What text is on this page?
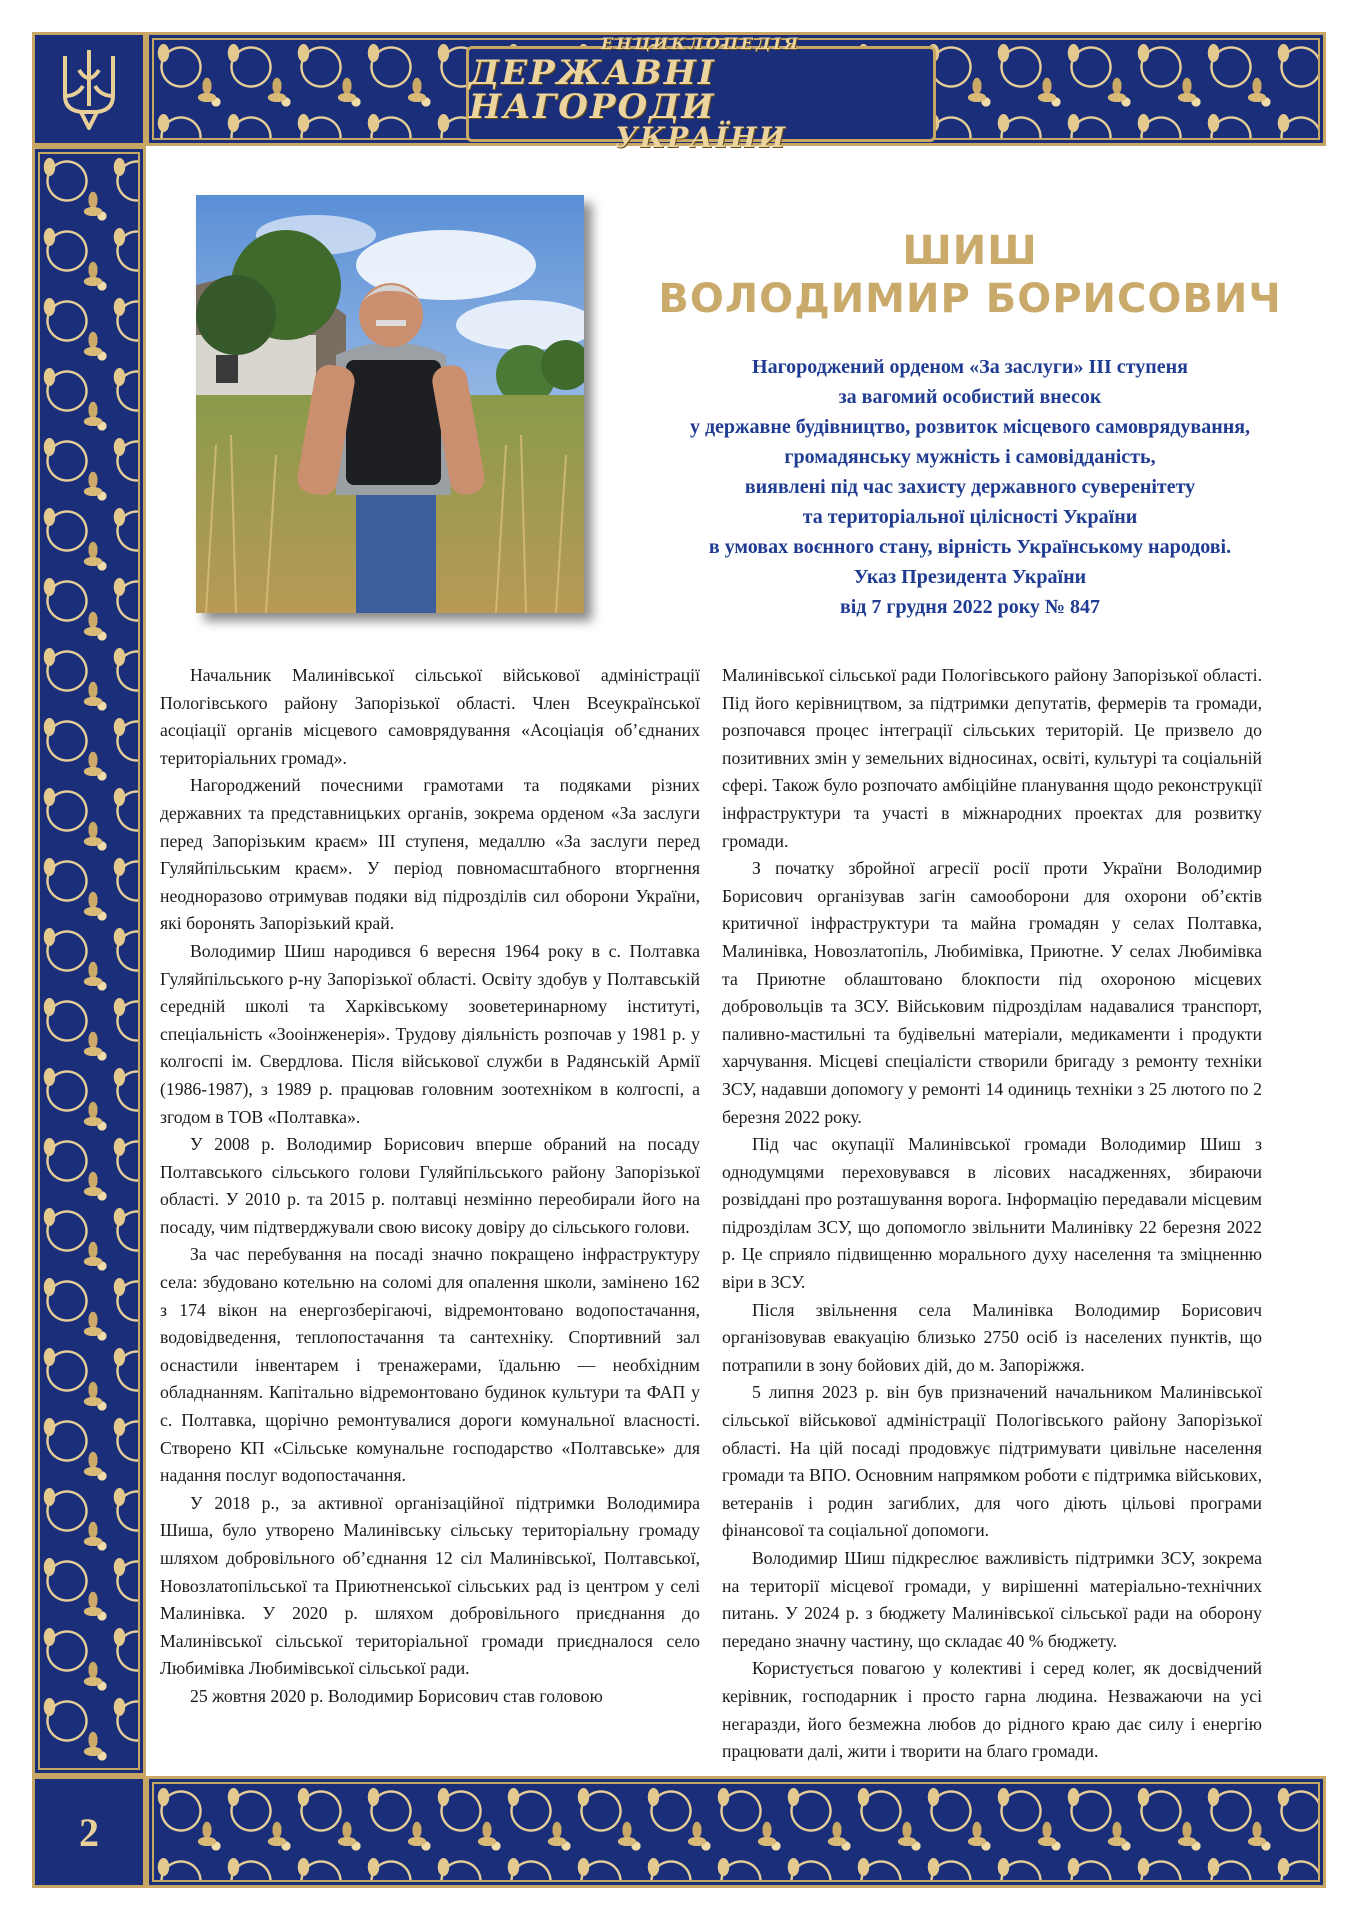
2
ЕНЦИКЛОПЕДІЯ
ДЕРЖАВНІ НАГОРОДИ
УКРАЇНИ
ШИШ
ВОЛОДИМИР БОРИСОВИЧ
Нагороджений орденом «За заслуги» III ступеня
за вагомий особистий внесок
у державне будівництво, розвиток місцевого самоврядування,
громадянську мужність і самовідданість,
виявлені під час захисту державного суверенітету
та територіальної цілісності України
в умовах воєнного стану, вірність Українському народові.
Указ Президента України
від 7 грудня 2022 року № 847

Начальник Малинівської сільської військової адміністрації Пологівського району Запорізької області. Член Всеукраїнської асоціації органів місцевого самоврядування «Асоціація об’єднаних територіальних громад».

Нагороджений почесними грамотами та подяками різних державних та представницьких органів, зокрема орденом «За заслуги перед Запорізьким краєм» III ступеня, медаллю «За заслуги перед Гуляйпільським краєм». У період повномасштабного вторгнення неодноразово отримував подяки від підрозділів сил оборони України, які боронять Запорізький край.

Володимир Шиш народився 6 вересня 1964 року в с. Полтавка Гуляйпільського р-ну Запорізької області. Освіту здобув у Полтавській середній школі та Харківському зооветеринарному інституті, спеціальність «Зооінженерія». Трудову діяльність розпочав у 1981 р. у колгоспі ім. Свердлова. Після військової служби в Радянській Армії (1986-1987), з 1989 р. працював головним зоотехніком в колгоспі, а згодом в ТОВ «Полтавка».

У 2008 р. Володимир Борисович вперше обраний на посаду Полтавського сільського голови Гуляйпільського району Запорізької області. У 2010 р. та 2015 р. полтавці незмінно переобирали його на посаду, чим підтверджували свою високу довіру до сільського голови.

За час перебування на посаді значно покращено інфраструктуру села: збудовано котельню на соломі для опалення школи, замінено 162 з 174 вікон на енергозберігаючі, відремонтовано водопостачання, водовідведення, теплопостачання та сантехніку. Спортивний зал оснастили інвентарем і тренажерами, їдальню — необхідним обладнанням. Капітально відремонтовано будинок культури та ФАП у с. Полтавка, щорічно ремонтувалися дороги комунальної власності. Створено КП «Сільське комунальне господарство «Полтавське» для надання послуг водопостачання.

У 2018 р., за активної організаційної підтримки Володимира Шиша, було утворено Малинівську сільську територіальну громаду шляхом добровільного об’єднання 12 сіл Малинівської, Полтавської, Новозлатопільської та Приютненської сільських рад із центром у селі Малинівка. У 2020 р. шляхом добровільного приєднання до Малинівської сільської територіальної громади приєдналося село Любимівка Любимівської сільської ради.

25 жовтня 2020 р. Володимир Борисович став головою

Малинівської сільської ради Пологівського району Запорізької області. Під його керівництвом, за підтримки депутатів, фермерів та громади, розпочався процес інтеграції сільських територій. Це призвело до позитивних змін у земельних відносинах, освіті, культурі та соціальній сфері. Також було розпочато амбіційне планування щодо реконструкції інфраструктури та участі в міжнародних проектах для розвитку громади.

З початку збройної агресії росії проти України Володимир Борисович організував загін самооборони для охорони об’єктів критичної інфраструктури та майна громадян у селах Полтавка, Малинівка, Новозлатопіль, Любимівка, Приютне. У селах Любимівка та Приютне облаштовано блокпости під охороною місцевих добровольців та ЗСУ. Військовим підрозділам надавалися транспорт, паливно-мастильні та будівельні матеріали, медикаменти і продукти харчування. Місцеві спеціалісти створили бригаду з ремонту техніки ЗСУ, надавши допомогу у ремонті 14 одиниць техніки з 25 лютого по 2 березня 2022 року.

Під час окупації Малинівської громади Володимир Шиш з однодумцями переховувався в лісових насадженнях, збираючи розвіддані про розташування ворога. Інформацію передавали місцевим підрозділам ЗСУ, що допомогло звільнити Малинівку 22 березня 2022 р. Це сприяло підвищенню морального духу населення та зміцненню віри в ЗСУ.

Після звільнення села Малинівка Володимир Борисович організовував евакуацію близько 2750 осіб із населених пунктів, що потрапили в зону бойових дій, до м. Запоріжжя.

5 липня 2023 р. він був призначений начальником Малинівської сільської військової адміністрації Пологівського району Запорізької області. На цій посаді продовжує підтримувати цивільне населення громади та ВПО. Основним напрямком роботи є підтримка військових, ветеранів і родин загиблих, для чого діють цільові програми фінансової та соціальної допомоги.

Володимир Шиш підкреслює важливість підтримки ЗСУ, зокрема на території місцевої громади, у вирішенні матеріально-технічних питань. У 2024 р. з бюджету Малинівської сільської ради на оборону передано значну частину, що складає 40 % бюджету.

Користується повагою у колективі і серед колег, як досвідчений керівник, господарник і просто гарна людина. Незважаючи на усі негаразди, його безмежна любов до рідного краю дає силу і енергію працювати далі, жити і творити на благо громади.
